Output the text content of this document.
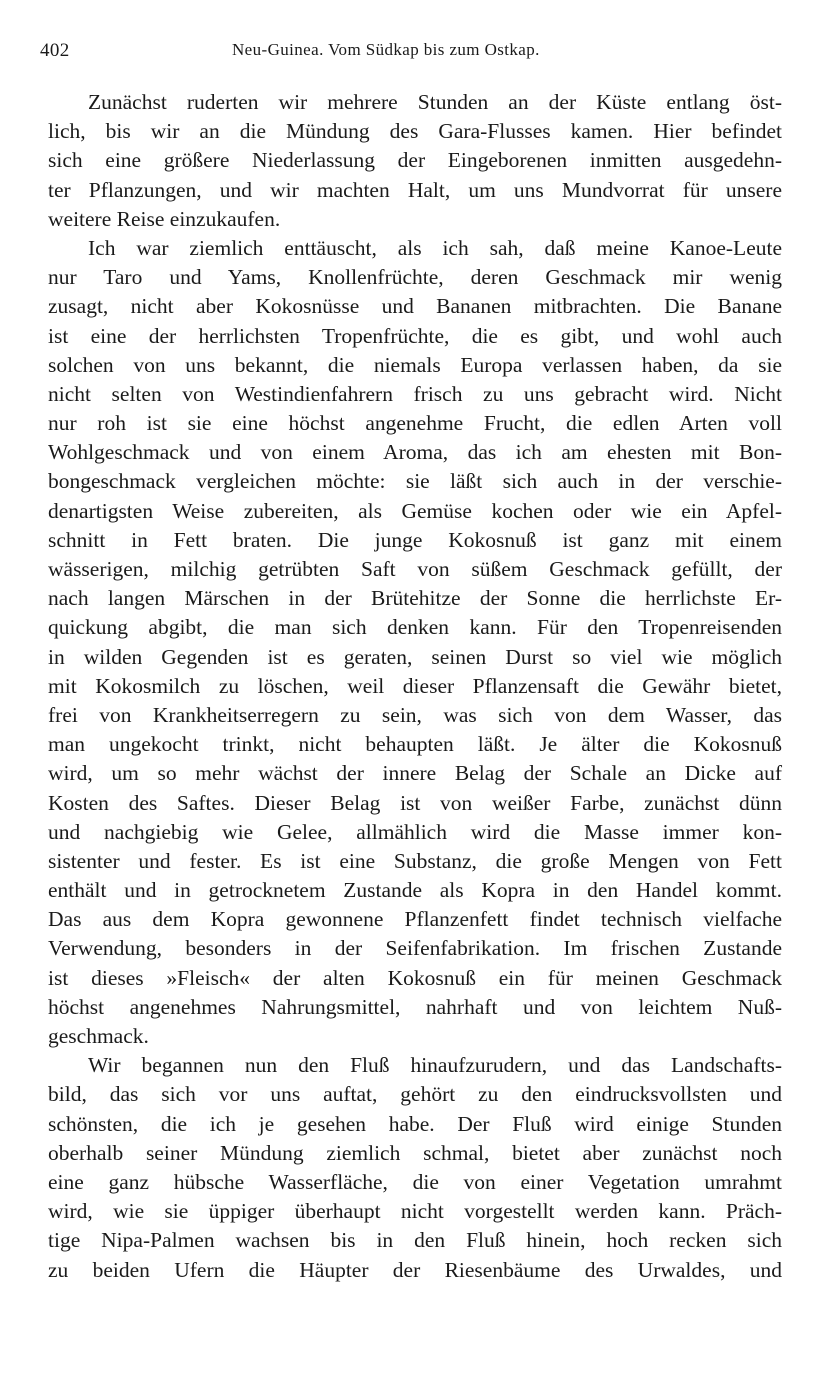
402	Neu-Guinea. Vom Südkap bis zum Ostkap.
Zunächst ruderten wir mehrere Stunden an der Küste entlang öst-
lich, bis wir an die Mündung des Gara-Flusses kamen. Hier befindet
sich eine größere Niederlassung der Eingeborenen inmitten ausgedehn-
ter Pflanzungen, und wir machten Halt, um uns Mundvorrat für unsere
weitere Reise einzukaufen.
Ich war ziemlich enttäuscht, als ich sah, daß meine Kanoe-Leute
nur Taro und Yams, Knollenfrüchte, deren Geschmack mir wenig
zusagt, nicht aber Kokosnüsse und Bananen mitbrachten. Die Banane
ist eine der herrlichsten Tropenfrüchte, die es gibt, und wohl auch
solchen von uns bekannt, die niemals Europa verlassen haben, da sie
nicht selten von Westindienfahrern frisch zu uns gebracht wird. Nicht
nur roh ist sie eine höchst angenehme Frucht, die edlen Arten voll
Wohlgeschmack und von einem Aroma, das ich am ehesten mit Bon-
bongeschmack vergleichen möchte: sie läßt sich auch in der verschie-
denartigsten Weise zubereiten, als Gemüse kochen oder wie ein Apfel-
schnitt in Fett braten. Die junge Kokosnuß ist ganz mit einem
wässerigen, milchig getrübten Saft von süßem Geschmack gefüllt, der
nach langen Märschen in der Brütehitze der Sonne die herrlichste Er-
quickung abgibt, die man sich denken kann. Für den Tropenreisenden
in wilden Gegenden ist es geraten, seinen Durst so viel wie möglich
mit Kokosmilch zu löschen, weil dieser Pflanzensaft die Gewähr bietet,
frei von Krankheitserregern zu sein, was sich von dem Wasser, das
man ungekocht trinkt, nicht behaupten läßt. Je älter die Kokosnuß
wird, um so mehr wächst der innere Belag der Schale an Dicke auf
Kosten des Saftes. Dieser Belag ist von weißer Farbe, zunächst dünn
und nachgiebig wie Gelee, allmählich wird die Masse immer kon-
sistenter und fester. Es ist eine Substanz, die große Mengen von Fett
enthält und in getrocknetem Zustande als Kopra in den Handel kommt.
Das aus dem Kopra gewonnene Pflanzenfett findet technisch vielfache
Verwendung, besonders in der Seifenfabrikation. Im frischen Zustande
ist dieses »Fleisch« der alten Kokosnuß ein für meinen Geschmack
höchst angenehmes Nahrungsmittel, nahrhaft und von leichtem Nuß-
geschmack.
Wir begannen nun den Fluß hinaufzurudern, und das Landschafts-
bild, das sich vor uns auftat, gehört zu den eindrucksvollsten und
schönsten, die ich je gesehen habe. Der Fluß wird einige Stunden
oberhalb seiner Mündung ziemlich schmal, bietet aber zunächst noch
eine ganz hübsche Wasserfläche, die von einer Vegetation umrahmt
wird, wie sie üppiger überhaupt nicht vorgestellt werden kann. Präch-
tige Nipa-Palmen wachsen bis in den Fluß hinein, hoch recken sich
zu beiden Ufern die Häupter der Riesenbäume des Urwaldes, und
